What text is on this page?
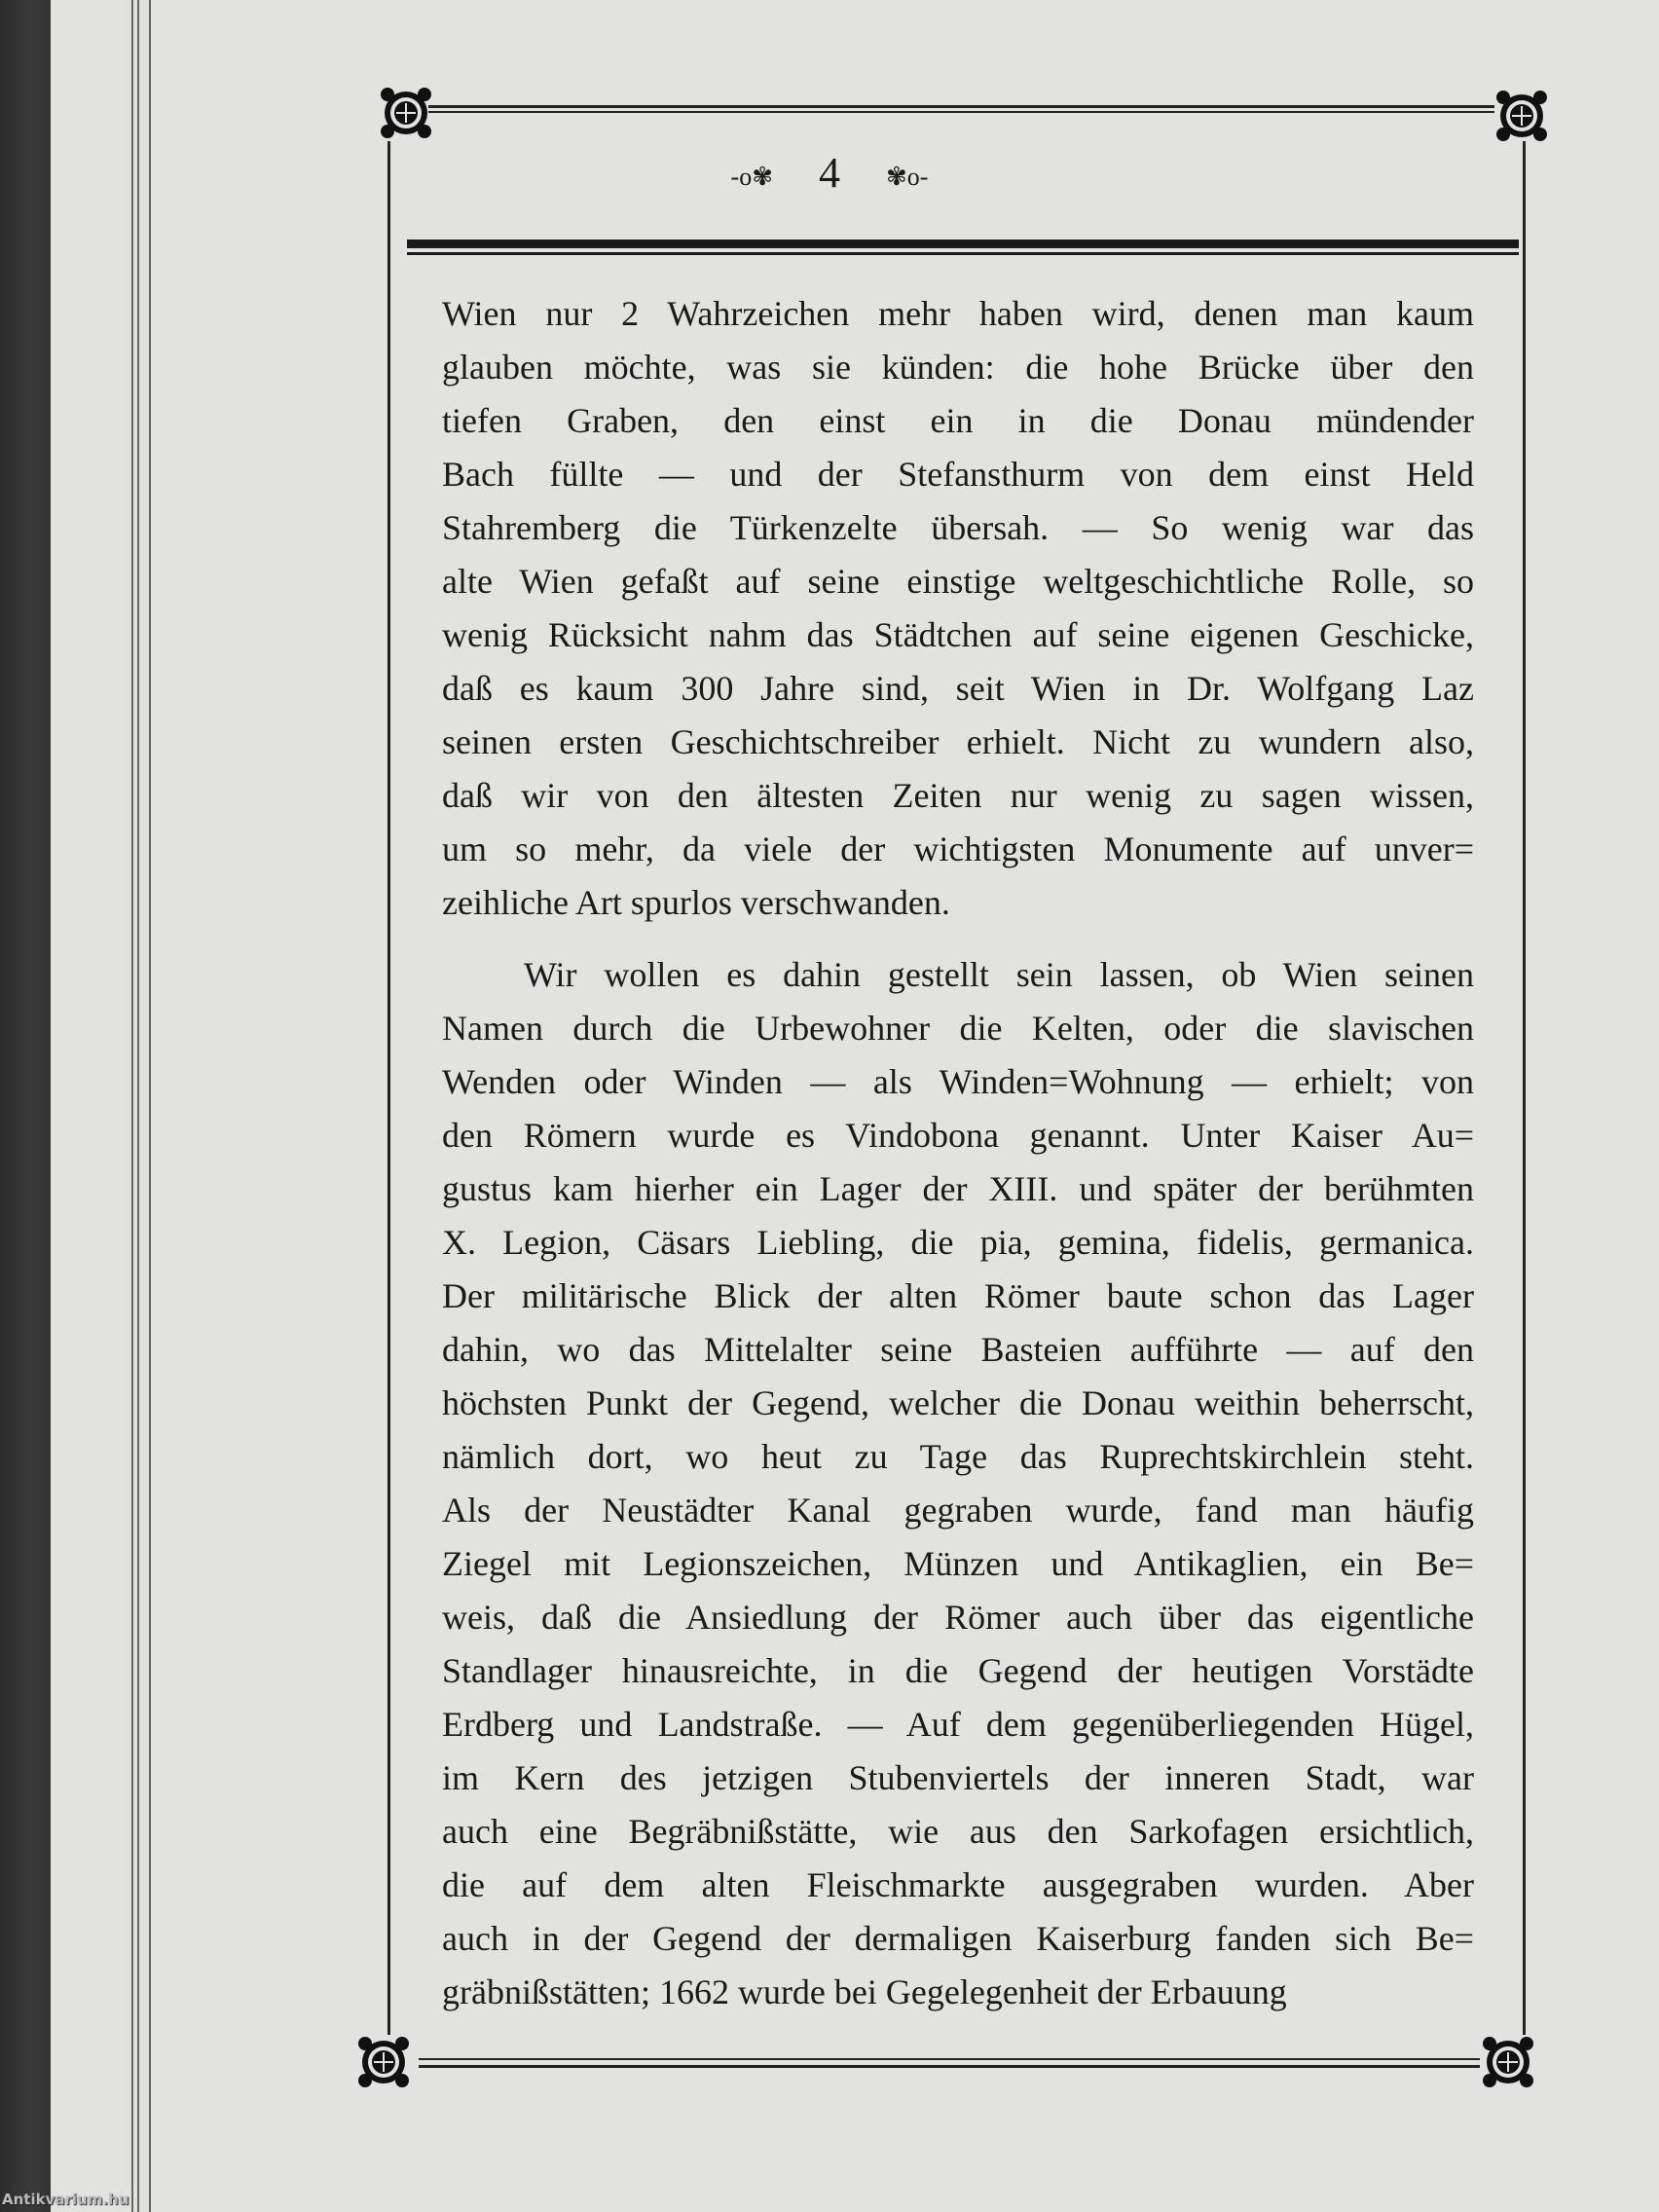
-o✾ 4 ✾o-
Wien nur 2 Wahrzeichen mehr haben wird, denen man kaum
glauben möchte, was sie künden: die hohe Brücke über den
tiefen Graben, den einst ein in die Donau mündender
Bach füllte — und der Stefansthurm von dem einst Held
Stahremberg die Türkenzelte übersah. — So wenig war das
alte Wien gefaßt auf seine einstige weltgeschichtliche Rolle, so
wenig Rücksicht nahm das Städtchen auf seine eigenen Geschicke,
daß es kaum 300 Jahre sind, seit Wien in Dr. Wolfgang Laz
seinen ersten Geschichtschreiber erhielt. Nicht zu wundern also,
daß wir von den ältesten Zeiten nur wenig zu sagen wissen,
um so mehr, da viele der wichtigsten Monumente auf unver=
zeihliche Art spurlos verschwanden.
Wir wollen es dahin gestellt sein lassen, ob Wien seinen
Namen durch die Urbewohner die Kelten, oder die slavischen
Wenden oder Winden — als Winden=Wohnung — erhielt; von
den Römern wurde es Vindobona genannt. Unter Kaiser Au=
gustus kam hierher ein Lager der XIII. und später der berühmten
X. Legion, Cäsars Liebling, die pia, gemina, fidelis, germanica.
Der militärische Blick der alten Römer baute schon das Lager
dahin, wo das Mittelalter seine Basteien aufführte — auf den
höchsten Punkt der Gegend, welcher die Donau weithin beherrscht,
nämlich dort, wo heut zu Tage das Ruprechtskirchlein steht.
Als der Neustädter Kanal gegraben wurde, fand man häufig
Ziegel mit Legionszeichen, Münzen und Antikaglien, ein Be=
weis, daß die Ansiedlung der Römer auch über das eigentliche
Standlager hinausreichte, in die Gegend der heutigen Vorstädte
Erdberg und Landstraße. — Auf dem gegenüberliegenden Hügel,
im Kern des jetzigen Stubenviertels der inneren Stadt, war
auch eine Begräbnißstätte, wie aus den Sarkofagen ersichtlich,
die auf dem alten Fleischmarkte ausgegraben wurden. Aber
auch in der Gegend der dermaligen Kaiserburg fanden sich Be=
gräbnißstätten; 1662 wurde bei Gegelegenheit der Erbauung
Antikvarium.hu
